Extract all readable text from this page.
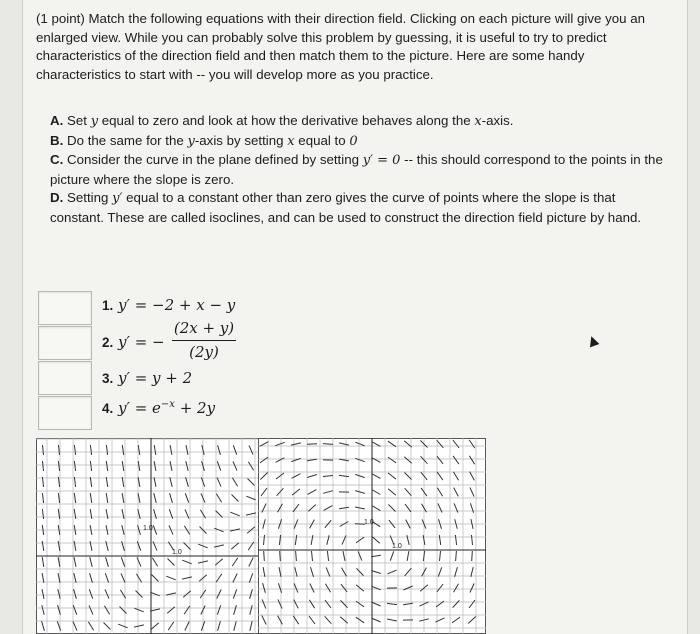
(1 point) Match the following equations with their direction field. Clicking on each picture will give you an enlarged view. While you can probably solve this problem by guessing, it is useful to try to predict characteristics of the direction field and then match them to the picture. Here are some handy characteristics to start with -- you will develop more as you practice.

A. Set y equal to zero and look at how the derivative behaves along the x-axis.

B. Do the same for the y-axis by setting x equal to 0

C. Consider the curve in the plane defined by setting y′ = 0 -- this should correspond to the points in the picture where the slope is zero.

D. Setting y′ equal to a constant other than zero gives the curve of points where the slope is that constant. These are called isoclines, and can be used to construct the direction field picture by hand.

1. y′ = −2 + x − y
2. y′ = −
(2x + y)
(2y)
3. y′ = y + 2
4. $y' = e^{-x} + 2y$
1.0
1.0
1.0
1.0
